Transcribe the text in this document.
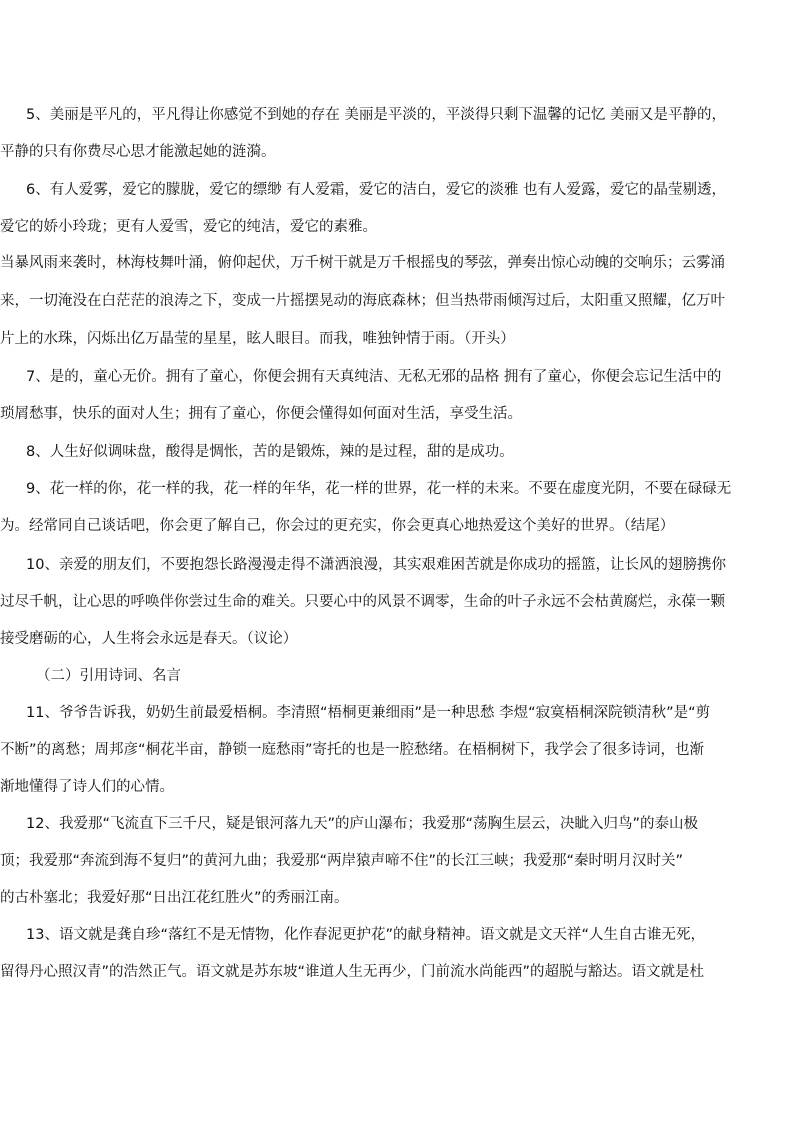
5、美丽是平凡的，平凡得让你感觉不到她的存在 美丽是平淡的，平淡得只剩下温馨的记忆 美丽又是平静的，
平静的只有你费尽心思才能激起她的涟漪。
6、有人爱雾，爱它的朦胧，爱它的缥缈 有人爱霜，爱它的洁白，爱它的淡雅 也有人爱露，爱它的晶莹剔透，
爱它的娇小玲珑；更有人爱雪，爱它的纯洁，爱它的素雅。
当暴风雨来袭时，林海枝舞叶涌，俯仰起伏，万千树干就是万千根摇曳的琴弦，弹奏出惊心动魄的交响乐；云雾涌
来，一切淹没在白茫茫的浪涛之下，变成一片摇摆晃动的海底森林；但当热带雨倾泻过后，太阳重又照耀，亿万叶
片上的水珠，闪烁出亿万晶莹的星星，眩人眼目。而我，唯独钟情于雨。（开头）
7、是的，童心无价。拥有了童心，你便会拥有天真纯洁、无私无邪的品格 拥有了童心，你便会忘记生活中的
琐屑愁事，快乐的面对人生；拥有了童心，你便会懂得如何面对生活，享受生活。
8、人生好似调味盘，酸得是惆怅，苦的是锻炼，辣的是过程，甜的是成功。
9、花一样的你，花一样的我，花一样的年华，花一样的世界，花一样的未来。不要在虚度光阴，不要在碌碌无
为。经常同自己谈话吧，你会更了解自己，你会过的更充实，你会更真心地热爱这个美好的世界。（结尾）
10、亲爱的朋友们，不要抱怨长路漫漫走得不潇洒浪漫，其实艰难困苦就是你成功的摇篮，让长风的翅膀携你
过尽千帆，让心思的呼唤伴你尝过生命的难关。只要心中的风景不调零，生命的叶子永远不会枯黄腐烂，永葆一颗
接受磨砺的心，人生将会永远是春天。（议论）
（二）引用诗词、名言
11、爷爷告诉我，奶奶生前最爱梧桐。李清照“梧桐更兼细雨”是一种思愁 李煜“寂寞梧桐深院锁清秋”是“剪
不断”的离愁；周邦彦“桐花半亩，静锁一庭愁雨”寄托的也是一腔愁绪。在梧桐树下，我学会了很多诗词，也渐
渐地懂得了诗人们的心情。
12、我爱那“飞流直下三千尺，疑是银河落九天”的庐山瀑布；我爱那“荡胸生层云，决眦入归鸟”的泰山极
顶；我爱那“奔流到海不复归”的黄河九曲；我爱那“两岸猿声啼不住”的长江三峡；我爱那“秦时明月汉时关”
的古朴塞北；我爱好那“日出江花红胜火”的秀丽江南。
13、语文就是龚自珍“落红不是无情物，化作春泥更护花”的献身精神。语文就是文天祥“人生自古谁无死，
留得丹心照汉青”的浩然正气。语文就是苏东坡“谁道人生无再少，门前流水尚能西”的超脱与豁达。语文就是杜
